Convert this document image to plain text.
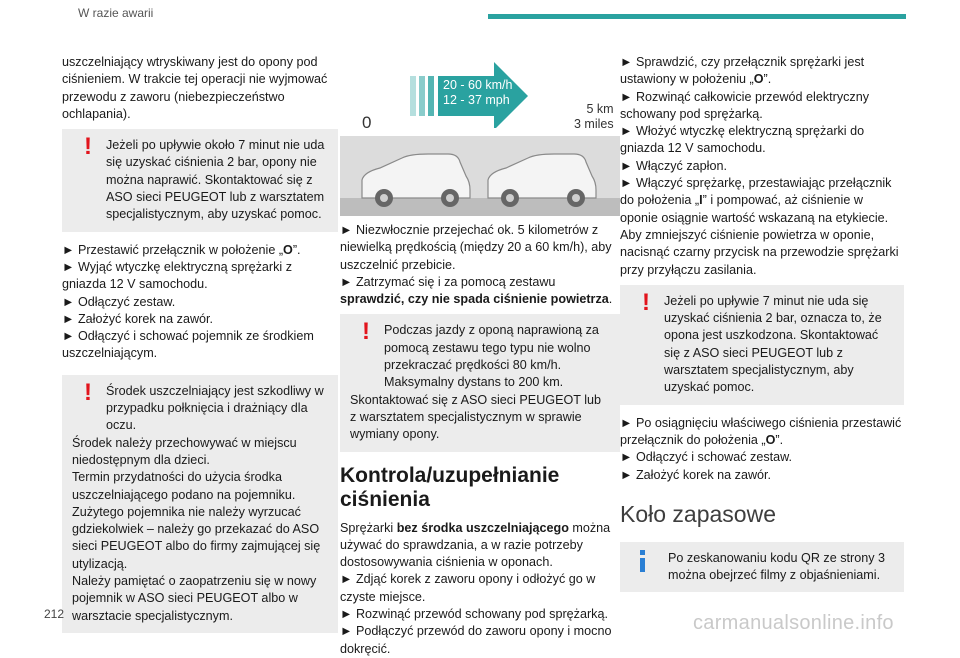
W razie awarii

uszczelniający wtryskiwany jest do opony pod ciśnieniem. W trakcie tej operacji nie wyjmować przewodu z zaworu (niebezpieczeństwo ochlapania).

!	Jeżeli po upływie około 7 minut nie uda się uzyskać ciśnienia 2 bar, opony nie można naprawić. Skontaktować się z ASO sieci PEUGEOT lub z warsztatem specjalistycznym, aby uzyskać pomoc.

► Przestawić przełącznik w położenie „O”.

► Wyjąć wtyczkę elektryczną sprężarki z gniazda 12 V samochodu.

► Odłączyć zestaw.

► Założyć korek na zawór.

► Odłączyć i schować pojemnik ze środkiem uszczelniającym.

!	Środek uszczelniający jest szkodliwy w przypadku połknięcia i drażniący dla oczu.
Środek należy przechowywać w miejscu niedostępnym dla dzieci.
Termin przydatności do użycia środka uszczelniającego podano na pojemniku.
Zużytego pojemnika nie należy wyrzucać gdziekolwiek – należy go przekazać do ASO sieci PEUGEOT albo do firmy zajmującej się utylizacją.
Należy pamiętać o zaopatrzeniu się w nowy pojemnik w ASO sieci PEUGEOT albo w warsztacie specjalistycznym.
20 - 60 km/h
12 - 37 mph
0
5 km
3 miles

► Niezwłocznie przejechać ok. 5 kilometrów z niewielką prędkością (między 20 a 60 km/h), aby uszczelnić przebicie.

► Zatrzymać się i za pomocą zestawu sprawdzić, czy nie spada ciśnienie powietrza.

!	Podczas jazdy z oponą naprawioną za pomocą zestawu tego typu nie wolno przekraczać prędkości 80 km/h. Maksymalny dystans to 200 km.
Skontaktować się z ASO sieci PEUGEOT lub z warsztatem specjalistycznym w sprawie wymiany opony.
Kontrola/uzupełnianie ciśnienia

Sprężarki bez środka uszczelniającego można używać do sprawdzania, a w razie potrzeby dostosowywania ciśnienia w oponach.

► Zdjąć korek z zaworu opony i odłożyć go w czyste miejsce.

► Rozwinąć przewód schowany pod sprężarką.

► Podłączyć przewód do zaworu opony i mocno dokręcić.

► Sprawdzić, czy przełącznik sprężarki jest ustawiony w położeniu „O”.

► Rozwinąć całkowicie przewód elektryczny schowany pod sprężarką.

► Włożyć wtyczkę elektryczną sprężarki do gniazda 12 V samochodu.

► Włączyć zapłon.

► Włączyć sprężarkę, przestawiając przełącznik do położenia „I” i pompować, aż ciśnienie w oponie osiągnie wartość wskazaną na etykiecie. Aby zmniejszyć ciśnienie powietrza w oponie, nacisnąć czarny przycisk na przewodzie sprężarki przy przyłączu zasilania.

!	Jeżeli po upływie 7 minut nie uda się uzyskać ciśnienia 2 bar, oznacza to, że opona jest uszkodzona. Skontaktować się z ASO sieci PEUGEOT lub z warsztatem specjalistycznym, aby uzyskać pomoc.

► Po osiągnięciu właściwego ciśnienia przestawić przełącznik do położenia „O”.

► Odłączyć i schować zestaw.

► Założyć korek na zawór.

Koło zapasowe
Po zeskanowaniu kodu QR ze strony 3 można obejrzeć filmy z objaśnieniami.
212	carmanualsonline.info
